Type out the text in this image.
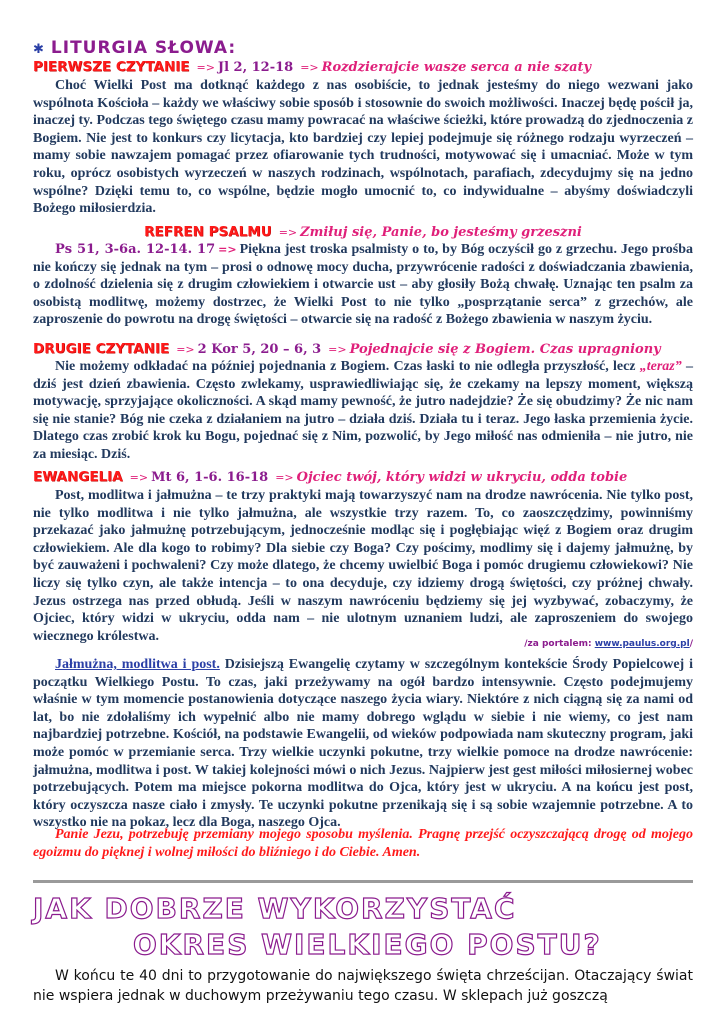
✱ LITURGIA SŁOWA:
PIERWSZE CZYTANIE => Jl 2, 12-18 => Rozdzierajcie wasze serca a nie szaty

Choć Wielki Post ma dotknąć każdego z nas osobiście, to jednak jesteśmy do niego wezwani jako wspólnota Kościoła – każdy we właściwy sobie sposób i stosownie do swoich możliwości. Inaczej będę pościł ja, inaczej ty. Podczas tego świętego czasu mamy powracać na właściwe ścieżki, które prowadzą do zjednoczenia z Bogiem. Nie jest to konkurs czy licytacja, kto bardziej czy lepiej podejmuje się różnego rodzaju wyrzeczeń – mamy sobie nawzajem pomagać przez ofiarowanie tych trudności, motywować się i umacniać. Może w tym roku, oprócz osobistych wyrzeczeń w naszych rodzinach, wspólnotach, parafiach, zdecydujmy się na jedno wspólne? Dzięki temu to, co wspólne, będzie mogło umocnić to, co indywidualne – abyśmy doświadczyli Bożego miłosierdzia.

REFREN PSALMU => Zmiłuj się, Panie, bo jesteśmy grzeszni

Ps 51, 3-6a. 12-14. 17 => Piękna jest troska psalmisty o to, by Bóg oczyścił go z grzechu. Jego prośba nie kończy się jednak na tym – prosi o odnowę mocy ducha, przywrócenie radości z doświadczania zbawienia, o zdolność dzielenia się z drugim człowiekiem i otwarcie ust – aby głosiły Bożą chwałę. Uznając ten psalm za osobistą modlitwę, możemy dostrzec, że Wielki Post to nie tylko „posprzątanie serca” z grzechów, ale zaproszenie do powrotu na drogę świętości – otwarcie się na radość z Bożego zbawienia w naszym życiu.

DRUGIE CZYTANIE => 2 Kor 5, 20 – 6, 3 => Pojednajcie się z Bogiem. Czas upragniony

Nie możemy odkładać na później pojednania z Bogiem. Czas łaski to nie odległa przyszłość, lecz „teraz” – dziś jest dzień zbawienia. Często zwlekamy, usprawiedliwiając się, że czekamy na lepszy moment, większą motywację, sprzyjające okoliczności. A skąd mamy pewność, że jutro nadejdzie? Że się obudzimy? Że nic nam się nie stanie? Bóg nie czeka z działaniem na jutro – działa dziś. Działa tu i teraz. Jego łaska przemienia życie. Dlatego czas zrobić krok ku Bogu, pojednać się z Nim, pozwolić, by Jego miłość nas odmieniła – nie jutro, nie za miesiąc. Dziś.

EWANGELIA => Mt 6, 1-6. 16-18 => Ojciec twój, który widzi w ukryciu, odda tobie

Post, modlitwa i jałmużna – te trzy praktyki mają towarzyszyć nam na drodze nawrócenia. Nie tylko post, nie tylko modlitwa i nie tylko jałmużna, ale wszystkie trzy razem. To, co zaoszczędzimy, powinniśmy przekazać jako jałmużnę potrzebującym, jednocześnie modląc się i pogłębiając więź z Bogiem oraz drugim człowiekiem. Ale dla kogo to robimy? Dla siebie czy Boga? Czy pościmy, modlimy się i dajemy jałmużnę, by być zauważeni i pochwaleni? Czy może dlatego, że chcemy uwielbić Boga i pomóc drugiemu człowiekowi? Nie liczy się tylko czyn, ale także intencja – to ona decyduje, czy idziemy drogą świętości, czy próżnej chwały. Jezus ostrzega nas przed obłudą. Jeśli w naszym nawróceniu będziemy się jej wyzbywać, zobaczymy, że Ojciec, który widzi w ukryciu, odda nam – nie ulotnym uznaniem ludzi, ale zaproszeniem do swojego wiecznego królestwa.

/za portalem: www.paulus.org.pl/

Jałmużna, modlitwa i post. Dzisiejszą Ewangelię czytamy w szczególnym kontekście Środy Popielcowej i początku Wielkiego Postu. To czas, jaki przeżywamy na ogół bardzo intensywnie. Często podejmujemy właśnie w tym momencie postanowienia dotyczące naszego życia wiary. Niektóre z nich ciągną się za nami od lat, bo nie zdołaliśmy ich wypełnić albo nie mamy dobrego wglądu w siebie i nie wiemy, co jest nam najbardziej potrzebne. Kościół, na podstawie Ewangelii, od wieków podpowiada nam skuteczny program, jaki może pomóc w przemianie serca. Trzy wielkie uczynki pokutne, trzy wielkie pomoce na drodze nawrócenie: jałmużna, modlitwa i post. W takiej kolejności mówi o nich Jezus. Najpierw jest gest miłości miłosiernej wobec potrzebujących. Potem ma miejsce pokorna modlitwa do Ojca, który jest w ukryciu. A na końcu jest post, który oczyszcza nasze ciało i zmysły. Te uczynki pokutne przenikają się i są sobie wzajemnie potrzebne. A to wszystko nie na pokaz, lecz dla Boga, naszego Ojca.

Panie Jezu, potrzebuję przemiany mojego sposobu myślenia. Pragnę przejść oczyszczającą drogę od mojego egoizmu do pięknej i wolnej miłości do bliźniego i do Ciebie. Amen.

JAK DOBRZE WYKORZYSTAĆ
OKRES WIELKIEGO POSTU?

W końcu te 40 dni to przygotowanie do największego święta chrześcijan. Otaczający świat nie wspiera jednak w duchowym przeżywaniu tego czasu. W sklepach już goszczą
